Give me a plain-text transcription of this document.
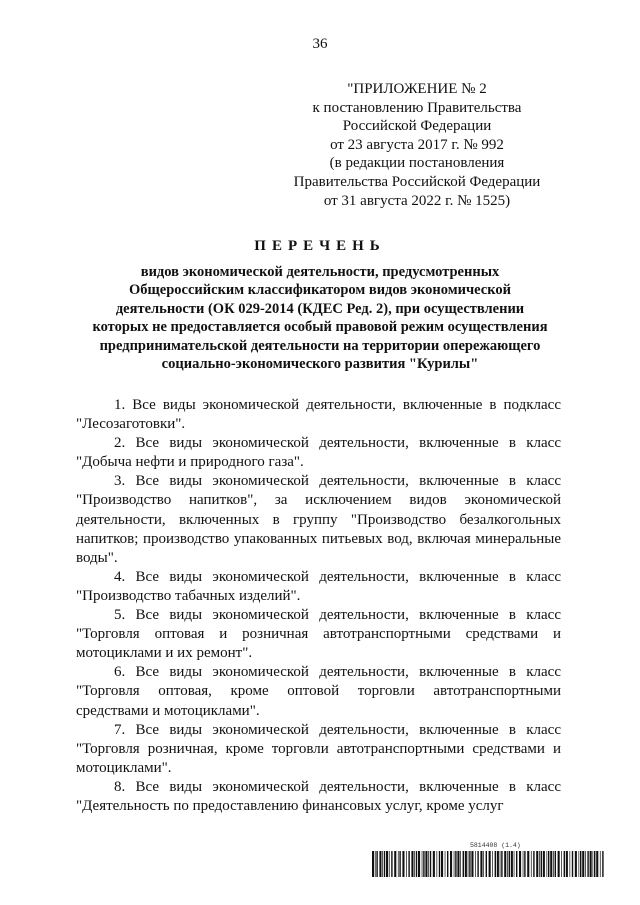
36
"ПРИЛОЖЕНИЕ № 2
к постановлению Правительства
Российской Федерации
от 23 августа 2017 г. № 992
(в редакции постановления
Правительства Российской Федерации
от 31 августа 2022 г. № 1525)
ПЕРЕЧЕНЬ
видов экономической деятельности, предусмотренных
Общероссийским классификатором видов экономической
деятельности (ОК 029-2014 (КДЕС Ред. 2), при осуществлении
которых не предоставляется особый правовой режим осуществления
предпринимательской деятельности на территории опережающего
социально-экономического развития "Курилы"

1. Все виды экономической деятельности, включенные в подкласс "Лесозаготовки".

2. Все виды экономической деятельности, включенные в класс "Добыча нефти и природного газа".

3. Все виды экономической деятельности, включенные в класс "Производство напитков", за исключением видов экономической деятельности, включенных в группу "Производство безалкогольных напитков; производство упакованных питьевых вод, включая минеральные воды".

4. Все виды экономической деятельности, включенные в класс "Производство табачных изделий".

5. Все виды экономической деятельности, включенные в класс "Торговля оптовая и розничная автотранспортными средствами и мотоциклами и их ремонт".

6. Все виды экономической деятельности, включенные в класс "Торговля оптовая, кроме оптовой торговли автотранспортными средствами и мотоциклами".

7. Все виды экономической деятельности, включенные в класс "Торговля розничная, кроме торговли автотранспортными средствами и мотоциклами".

8. Все виды экономической деятельности, включенные в класс "Деятельность по предоставлению финансовых услуг, кроме услуг

5814408 (1.4)
